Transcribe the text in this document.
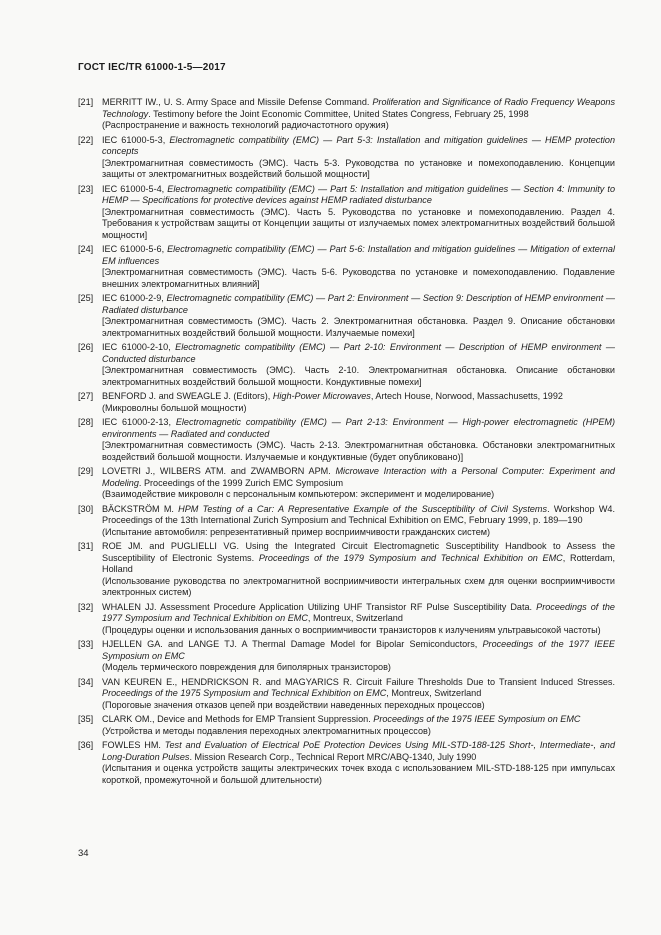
ГОСТ IEC/TR 61000-1-5—2017
[21] MERRITT IW., U. S. Army Space and Missile Defense Command. Proliferation and Significance of Radio Frequency Weapons Technology. Testimony before the Joint Economic Committee, United States Congress, February 25, 1998
(Распространение и важность технологий радиочастотного оружия)
[22] IEC 61000-5-3, Electromagnetic compatibility (EMC) — Part 5-3: Installation and mitigation guidelines — HEMP protection concepts
[Электромагнитная совместимость (ЭМС). Часть 5-3. Руководства по установке и помехоподавлению. Концепции защиты от электромагнитных воздействий большой мощности]
[23] IEC 61000-5-4, Electromagnetic compatibility (EMC) — Part 5: Installation and mitigation guidelines — Section 4: Immunity to HEMP — Specifications for protective devices against HEMP radiated disturbance
[Электромагнитная совместимость (ЭМС). Часть 5. Руководства по установке и помехоподавлению. Раздел 4. Требования к устройствам защиты от Концепции защиты от излучаемых помех электромагнитных воздействий большой мощности]
[24] IEC 61000-5-6, Electromagnetic compatibility (EMC) — Part 5-6: Installation and mitigation guidelines — Mitigation of external EM influences
[Электромагнитная совместимость (ЭМС). Часть 5-6. Руководства по установке и помехоподавлению. Подавление внешних электромагнитных влияний]
[25] IEC 61000-2-9, Electromagnetic compatibility (EMC) — Part 2: Environment — Section 9: Description of HEMP environment — Radiated disturbance
[Электромагнитная совместимость (ЭМС). Часть 2. Электромагнитная обстановка. Раздел 9. Описание обстановки электромагнитных воздействий большой мощности. Излучаемые помехи]
[26] IEC 61000-2-10, Electromagnetic compatibility (EMC) — Part 2-10: Environment — Description of HEMP environment — Conducted disturbance
[Электромагнитная совместимость (ЭМС). Часть 2-10. Электромагнитная обстановка. Описание обстановки электромагнитных воздействий большой мощности. Кондуктивные помехи]
[27] BENFORD J. and SWEAGLE J. (Editors), High-Power Microwaves, Artech House, Norwood, Massachusetts, 1992
(Микроволны большой мощности)
[28] IEC 61000-2-13, Electromagnetic compatibility (EMC) — Part 2-13: Environment — High-power electromagnetic (HPEM) environments — Radiated and conducted
[Электромагнитная совместимость (ЭМС). Часть 2-13. Электромагнитная обстановка. Обстановки электромагнитных воздействий большой мощности. Излучаемые и кондуктивные (будет опубликовано)]
[29] LOVETRI J., WILBERS ATM. and ZWAMBORN APM. Microwave Interaction with a Personal Computer: Experiment and Modeling. Proceedings of the 1999 Zurich EMC Symposium
(Взаимодействие микроволн с персональным компьютером: эксперимент и моделирование)
[30] BÄCKSTRÖM M. HPM Testing of a Car: A Representative Example of the Susceptibility of Civil Systems. Workshop W4. Proceedings of the 13th International Zurich Symposium and Technical Exhibition on EMC, February 1999, p. 189—190
(Испытание автомобиля: репрезентативный пример восприимчивости гражданских систем)
[31] ROE JM. and PUGLIELLI VG. Using the Integrated Circuit Electromagnetic Susceptibility Handbook to Assess the Susceptibility of Electronic Systems. Proceedings of the 1979 Symposium and Technical Exhibition on EMC, Rotterdam, Holland
(Использование руководства по электромагнитной восприимчивости интегральных схем для оценки восприимчивости электронных систем)
[32] WHALEN JJ. Assessment Procedure Application Utilizing UHF Transistor RF Pulse Susceptibility Data. Proceedings of the 1977 Symposium and Technical Exhibition on EMC, Montreux, Switzerland
(Процедуры оценки и использования данных о восприимчивости транзисторов к излучениям ультравысокой частоты)
[33] HJELLEN GA. and LANGE TJ. A Thermal Damage Model for Bipolar Semiconductors, Proceedings of the 1977 IEEE Symposium on EMC
(Модель термического повреждения для биполярных транзисторов)
[34] VAN KEUREN E., HENDRICKSON R. and MAGYARICS R. Circuit Failure Thresholds Due to Transient Induced Stresses. Proceedings of the 1975 Symposium and Technical Exhibition on EMC, Montreux, Switzerland
(Пороговые значения отказов цепей при воздействии наведенных переходных процессов)
[35] CLARK OM., Device and Methods for EMP Transient Suppression. Proceedings of the 1975 IEEE Symposium on EMC
(Устройства и методы подавления переходных электромагнитных процессов)
[36] FOWLES HM. Test and Evaluation of Electrical PoE Protection Devices Using MIL-STD-188-125 Short-, Intermediate-, and Long-Duration Pulses. Mission Research Corp., Technical Report MRC/ABQ-1340, July 1990
(Испытания и оценка устройств защиты электрических точек входа с использованием MIL-STD-188-125 при импульсах короткой, промежуточной и большой длительности)
34
